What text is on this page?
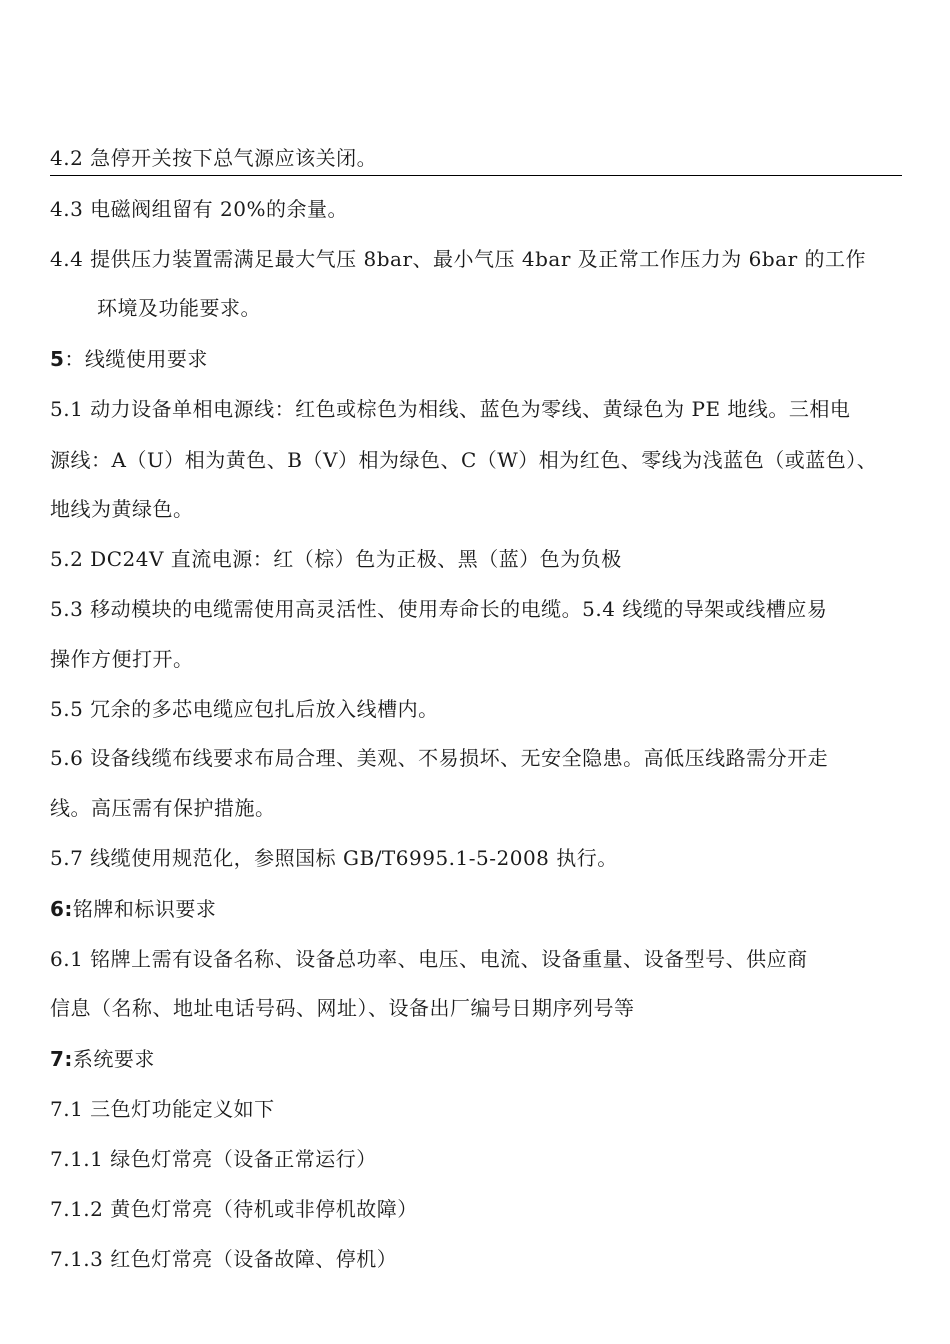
4.2 急停开关按下总气源应该关闭。
4.3 电磁阀组留有 20%的余量。
4.4 提供压力装置需满足最大气压 8bar、最小气压 4bar 及正常工作压力为 6bar 的工作
环境及功能要求。
5：线缆使用要求
5.1 动力设备单相电源线：红色或棕色为相线、蓝色为零线、黄绿色为 PE 地线。三相电
源线：A（U）相为黄色、B（V）相为绿色、C（W）相为红色、零线为浅蓝色（或蓝色）、
地线为黄绿色。
5.2 DC24V 直流电源：红（棕）色为正极、黑（蓝）色为负极
5.3 移动模块的电缆需使用高灵活性、使用寿命长的电缆。5.4 线缆的导架或线槽应易
操作方便打开。
5.5 冗余的多芯电缆应包扎后放入线槽内。
5.6 设备线缆布线要求布局合理、美观、不易损坏、无安全隐患。高低压线路需分开走
线。高压需有保护措施。
5.7 线缆使用规范化，参照国标 GB/T6995.1-5-2008 执行。
6:铭牌和标识要求
6.1 铭牌上需有设备名称、设备总功率、电压、电流、设备重量、设备型号、供应商
信息（名称、地址电话号码、网址）、设备出厂编号日期序列号等
7:系统要求
7.1 三色灯功能定义如下
7.1.1 绿色灯常亮（设备正常运行）
7.1.2 黄色灯常亮（待机或非停机故障）
7.1.3 红色灯常亮（设备故障、停机）
